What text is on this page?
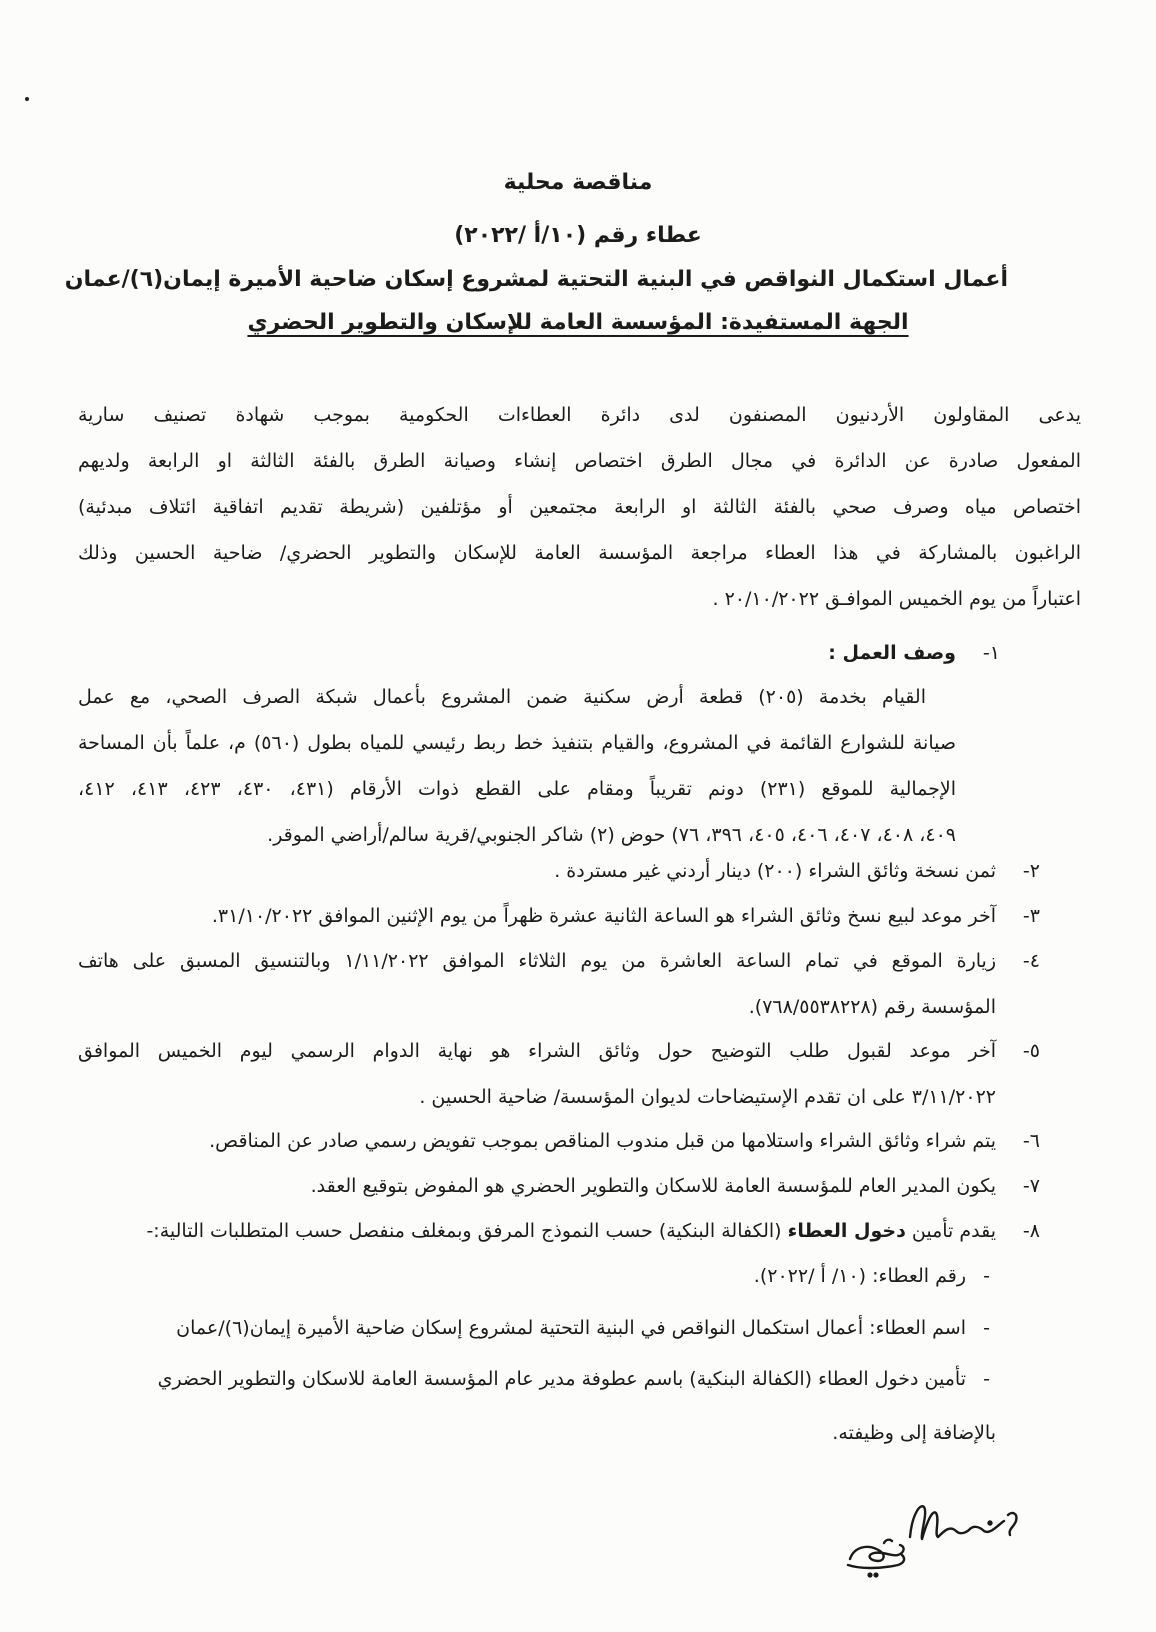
مناقصة محلية
عطاء رقم (١٠/أ /٢٠٢٢)
أعمال استكمال النواقص في البنية التحتية لمشروع إسكان ضاحية الأميرة إيمان(٦)/عمان
الجهة المستفيدة: المؤسسة العامة للإسكان والتطوير الحضري
يدعى المقاولون الأردنيون المصنفون لدى دائرة العطاءات الحكومية بموجب شهادة تصنيف سارية
المفعول صادرة عن الدائرة في مجال الطرق اختصاص إنشاء وصيانة الطرق بالفئة الثالثة او الرابعة ولديهم
اختصاص مياه وصرف صحي بالفئة الثالثة او الرابعة مجتمعين أو مؤتلفين (شريطة تقديم اتفاقية ائتلاف مبدئية)
الراغبون بالمشاركة في هذا العطاء مراجعة المؤسسة العامة للإسكان والتطوير الحضري/ ضاحية الحسين وذلك
اعتباراً من يوم الخميس الموافـق ٢٠/١٠/٢٠٢٢ .
١-
وصف العمل :
القيام بخدمة (٢٠٥) قطعة أرض سكنية ضمن المشروع بأعمال شبكة الصرف الصحي، مع عمل
صيانة للشوارع القائمة في المشروع، والقيام بتنفيذ خط ربط رئيسي للمياه بطول (٥٦٠) م، علماً بأن المساحة
الإجمالية للموقع (٢٣١) دونم تقريباً ومقام على القطع ذوات الأرقام (٤٣١، ٤٣٠، ٤٢٣، ٤١٣، ٤١٢،
٤٠٩، ٤٠٨، ٤٠٧، ٤٠٦، ٤٠٥، ٣٩٦، ٧٦) حوض (٢) شاكر الجنوبي/قرية سالم/أراضي الموقر.
٢-
ثمن نسخة وثائق الشراء (٢٠٠) دينار أردني غير مستردة .
٣-
آخر موعد لبيع نسخ وثائق الشراء هو الساعة الثانية عشرة ظهراً من يوم الإثنين الموافق ٣١/١٠/٢٠٢٢.
٤-
زيارة الموقع في تمام الساعة العاشرة من يوم الثلاثاء الموافق ١/١١/٢٠٢٢ وبالتنسيق المسبق على هاتف
المؤسسة رقم (٧٦٨/٥٥٣٨٢٢٨).
٥-
آخر موعد لقبول طلب التوضيح حول وثائق الشراء هو نهاية الدوام الرسمي ليوم الخميس الموافق
٣/١١/٢٠٢٢ على ان تقدم الإستيضاحات لديوان المؤسسة/ ضاحية الحسين .
٦-
يتم شراء وثائق الشراء واستلامها من قبل مندوب المناقص بموجب تفويض رسمي صادر عن المناقص.
٧-
يكون المدير العام للمؤسسة العامة للاسكان والتطوير الحضري هو المفوض بتوقيع العقد.
٨-
يقدم تأمين دخول العطاء (الكفالة البنكية) حسب النموذج المرفق وبمغلف منفصل حسب المتطلبات التالية:-
-
رقم العطاء: (١٠/ أ /٢٠٢٢).
-
اسم العطاء: أعمال استكمال النواقص في البنية التحتية لمشروع إسكان ضاحية الأميرة إيمان(٦)/عمان
-
تأمين دخول العطاء (الكفالة البنكية) باسم عطوفة مدير عام المؤسسة العامة للاسكان والتطوير الحضري
بالإضافة إلى وظيفته.
